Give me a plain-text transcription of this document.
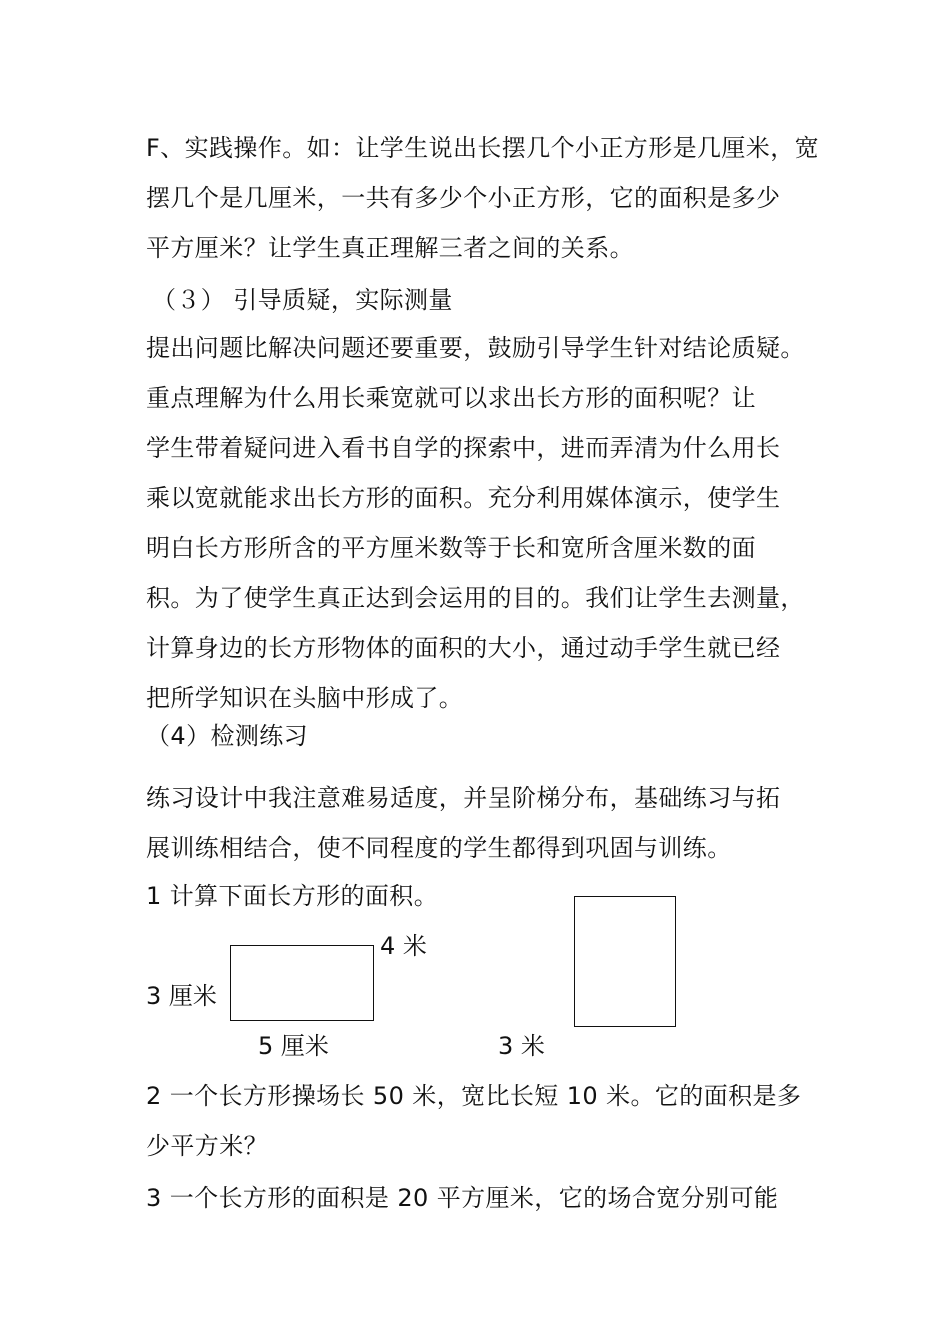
F、实践操作。如：让学生说出长摆几个小正方形是几厘米，宽
摆几个是几厘米，一共有多少个小正方形，它的面积是多少
平方厘米？让学生真正理解三者之间的关系。
（３） 引导质疑，实际测量
提出问题比解决问题还要重要，鼓励引导学生针对结论质疑。
重点理解为什么用长乘宽就可以求出长方形的面积呢？让
学生带着疑问进入看书自学的探索中，进而弄清为什么用长
乘以宽就能求出长方形的面积。充分利用媒体演示，使学生
明白长方形所含的平方厘米数等于长和宽所含厘米数的面
积。为了使学生真正达到会运用的目的。我们让学生去测量，
计算身边的长方形物体的面积的大小，通过动手学生就已经
把所学知识在头脑中形成了。
（4）检测练习
练习设计中我注意难易适度，并呈阶梯分布，基础练习与拓
展训练相结合，使不同程度的学生都得到巩固与训练。
1 计算下面长方形的面积。
3 厘米
5 厘米
4 米
3 米
2 一个长方形操场长 50 米，宽比长短 10 米。它的面积是多
少平方米？
3 一个长方形的面积是 20 平方厘米，它的场合宽分别可能
